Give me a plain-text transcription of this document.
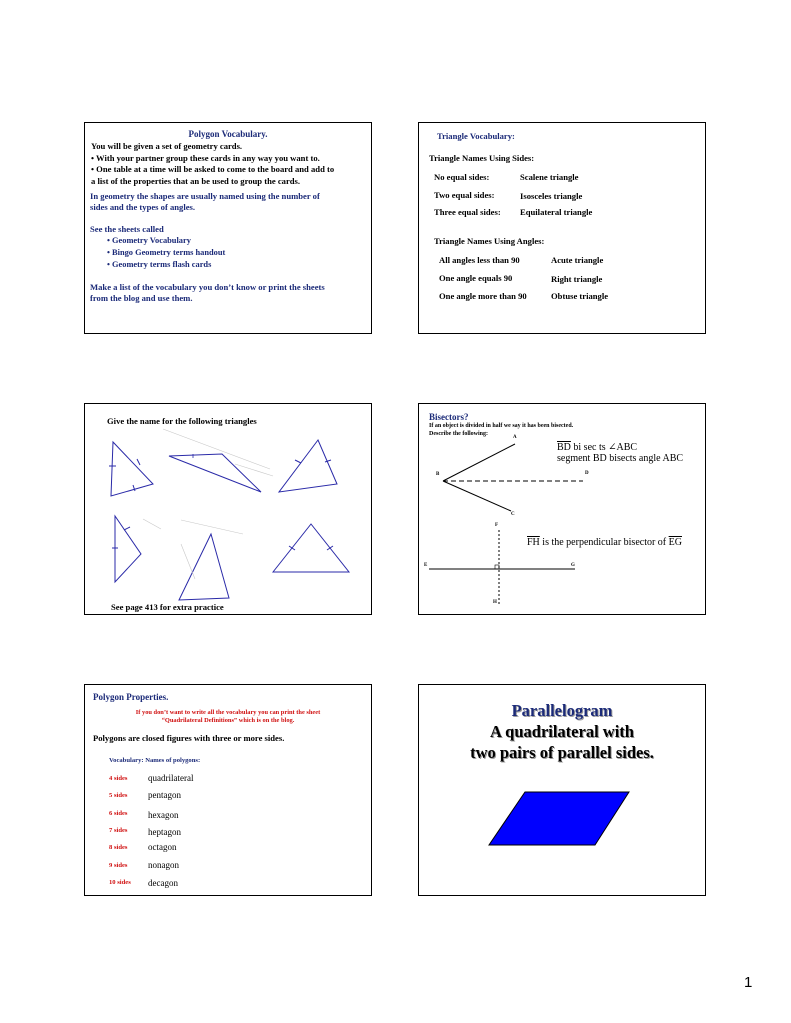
Polygon Vocabulary.
You will be given a set of geometry cards.
• With your partner group these cards in any way you want to.
• One table at a time will be asked to come to the board and add to
a list of the properties that an be used to group the cards.
In geometry the shapes are usually named using the number of
sides and the types of angles.
See the sheets called
• Geometry Vocabulary
• Bingo Geometry terms handout
• Geometry terms flash cards
Make a list of the vocabulary you don’t know or print the sheets
from the blog and use them.
Triangle Vocabulary:
Triangle Names Using Sides:
No equal sides:	Scalene triangle
Two equal sides:	Isosceles triangle
Three equal sides: Equilateral triangle
Triangle Names Using Angles:
All angles less than 90	Acute triangle
One angle equals 90	Right triangle
One angle more than 90	Obtuse triangle
Give the name for the following triangles
See page 413 for extra practice
Bisectors?
If an object is divided in half we say it has been bisected.
Describe the following:
A
B	D
C
F
E	G
H
$\overline{BD}$ bi sec ts ∠ABC
segment BD bisects angle ABC
$\overline{FH}$ is the perpendicular bisector of $\overline{EG}$
Polygon Properties.
If you don’t want to write all the vocabulary you can print the sheet
“Quadrilateral Definitions” which is on the blog.
Polygons are closed figures with three or more sides.
Vocabulary: Names of polygons:
4 sides quadrilateral
5 sides pentagon
6 sides hexagon
7 sides heptagon
8 sides octagon
9 sides nonagon
10 sides decagon
Parallelogram
A quadrilateral with
two pairs of parallel sides.
1
